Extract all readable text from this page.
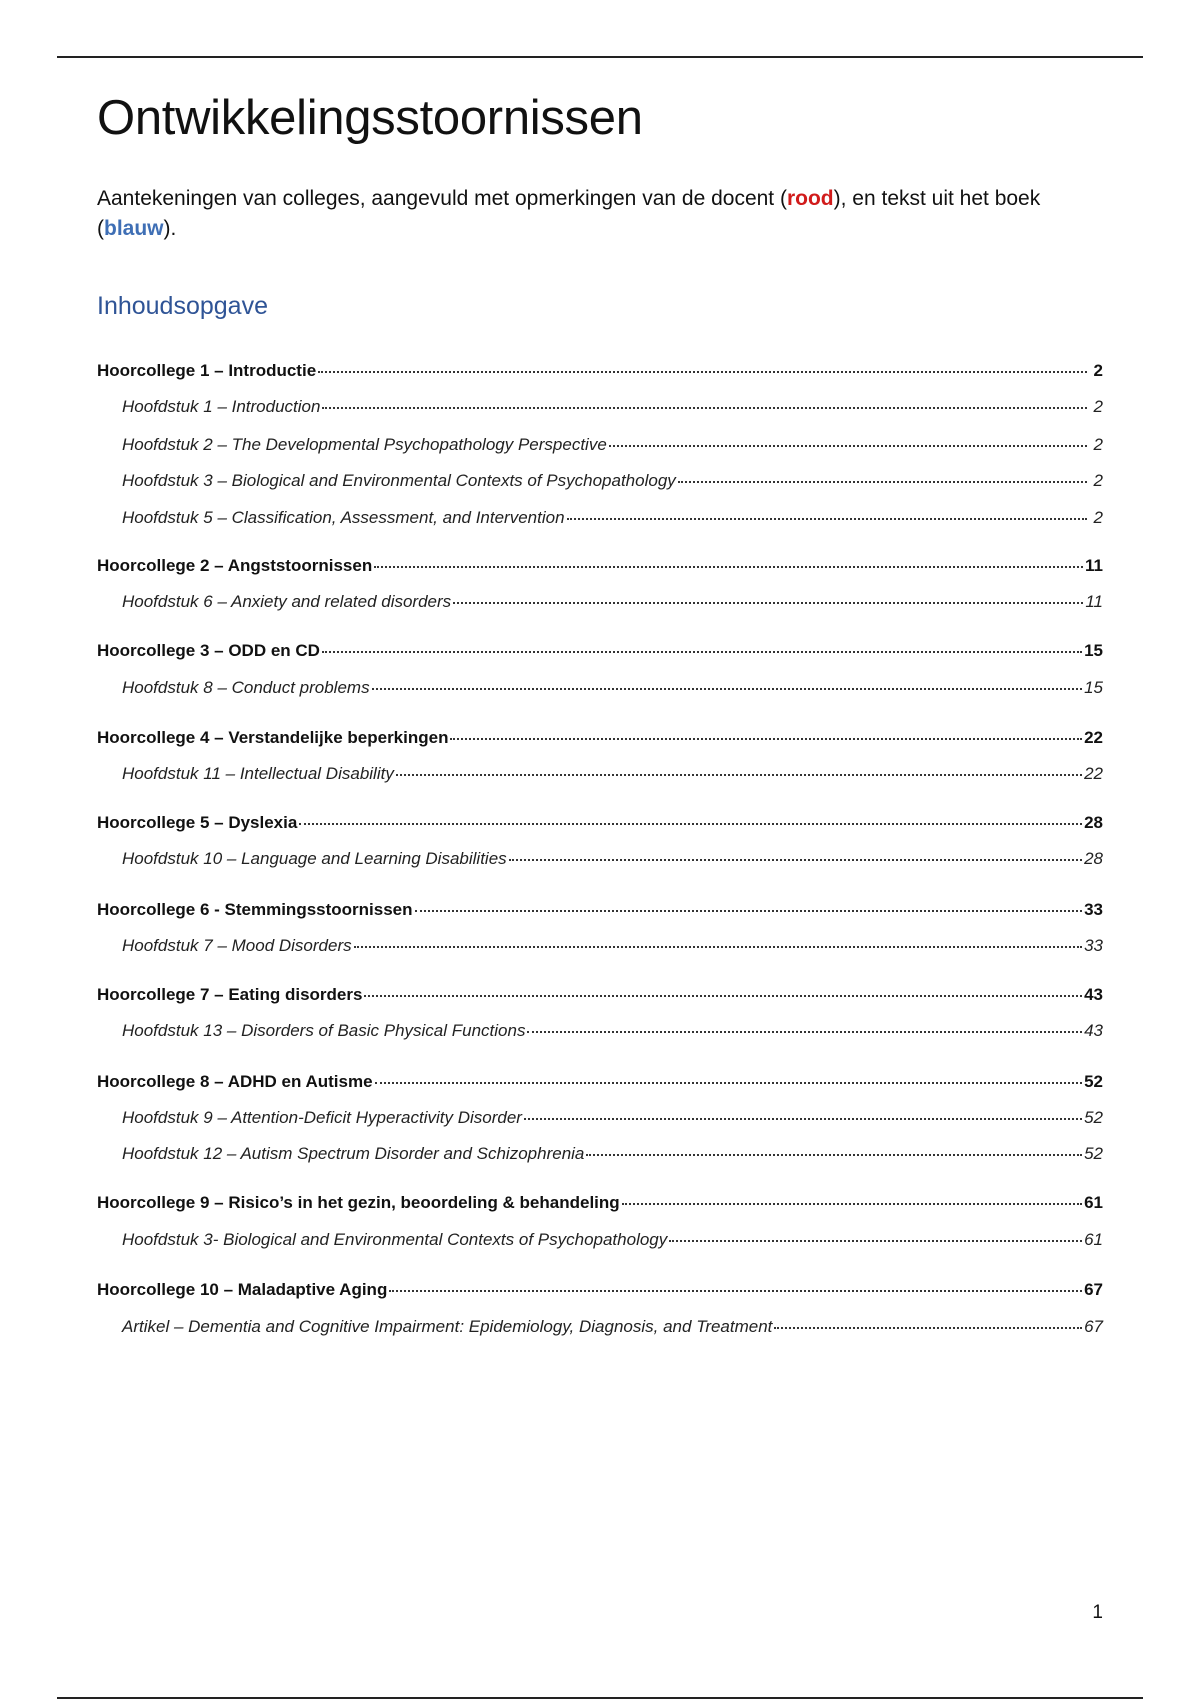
Ontwikkelingsstoornissen

Aantekeningen van colleges, aangevuld met opmerkingen van de docent (rood), en tekst uit het boek (blauw).

Inhoudsopgave
Hoorcollege 1 – Introductie	2
Hoofdstuk 1 – Introduction	2
Hoofdstuk 2 – The Developmental Psychopathology Perspective	2
Hoofdstuk 3 – Biological and Environmental Contexts of Psychopathology	2
Hoofdstuk 5 – Classification, Assessment, and Intervention	2
Hoorcollege 2 – Angststoornissen	11
Hoofdstuk 6 – Anxiety and related disorders	11
Hoorcollege 3 – ODD en CD	15
Hoofdstuk 8 – Conduct problems	15
Hoorcollege 4 – Verstandelijke beperkingen	22
Hoofdstuk 11 – Intellectual Disability	22
Hoorcollege 5 – Dyslexia	28
Hoofdstuk 10 – Language and Learning Disabilities	28
Hoorcollege 6 - Stemmingsstoornissen	33
Hoofdstuk 7 – Mood Disorders	33
Hoorcollege 7 – Eating disorders	43
Hoofdstuk 13 – Disorders of Basic Physical Functions	43
Hoorcollege 8 – ADHD en Autisme	52
Hoofdstuk 9 – Attention-Deficit Hyperactivity Disorder	52
Hoofdstuk 12 – Autism Spectrum Disorder and Schizophrenia	52
Hoorcollege 9 – Risico’s in het gezin, beoordeling & behandeling	61
Hoofdstuk 3- Biological and Environmental Contexts of Psychopathology	61
Hoorcollege 10 – Maladaptive Aging	67
Artikel – Dementia and Cognitive Impairment: Epidemiology, Diagnosis, and Treatment	67
1
